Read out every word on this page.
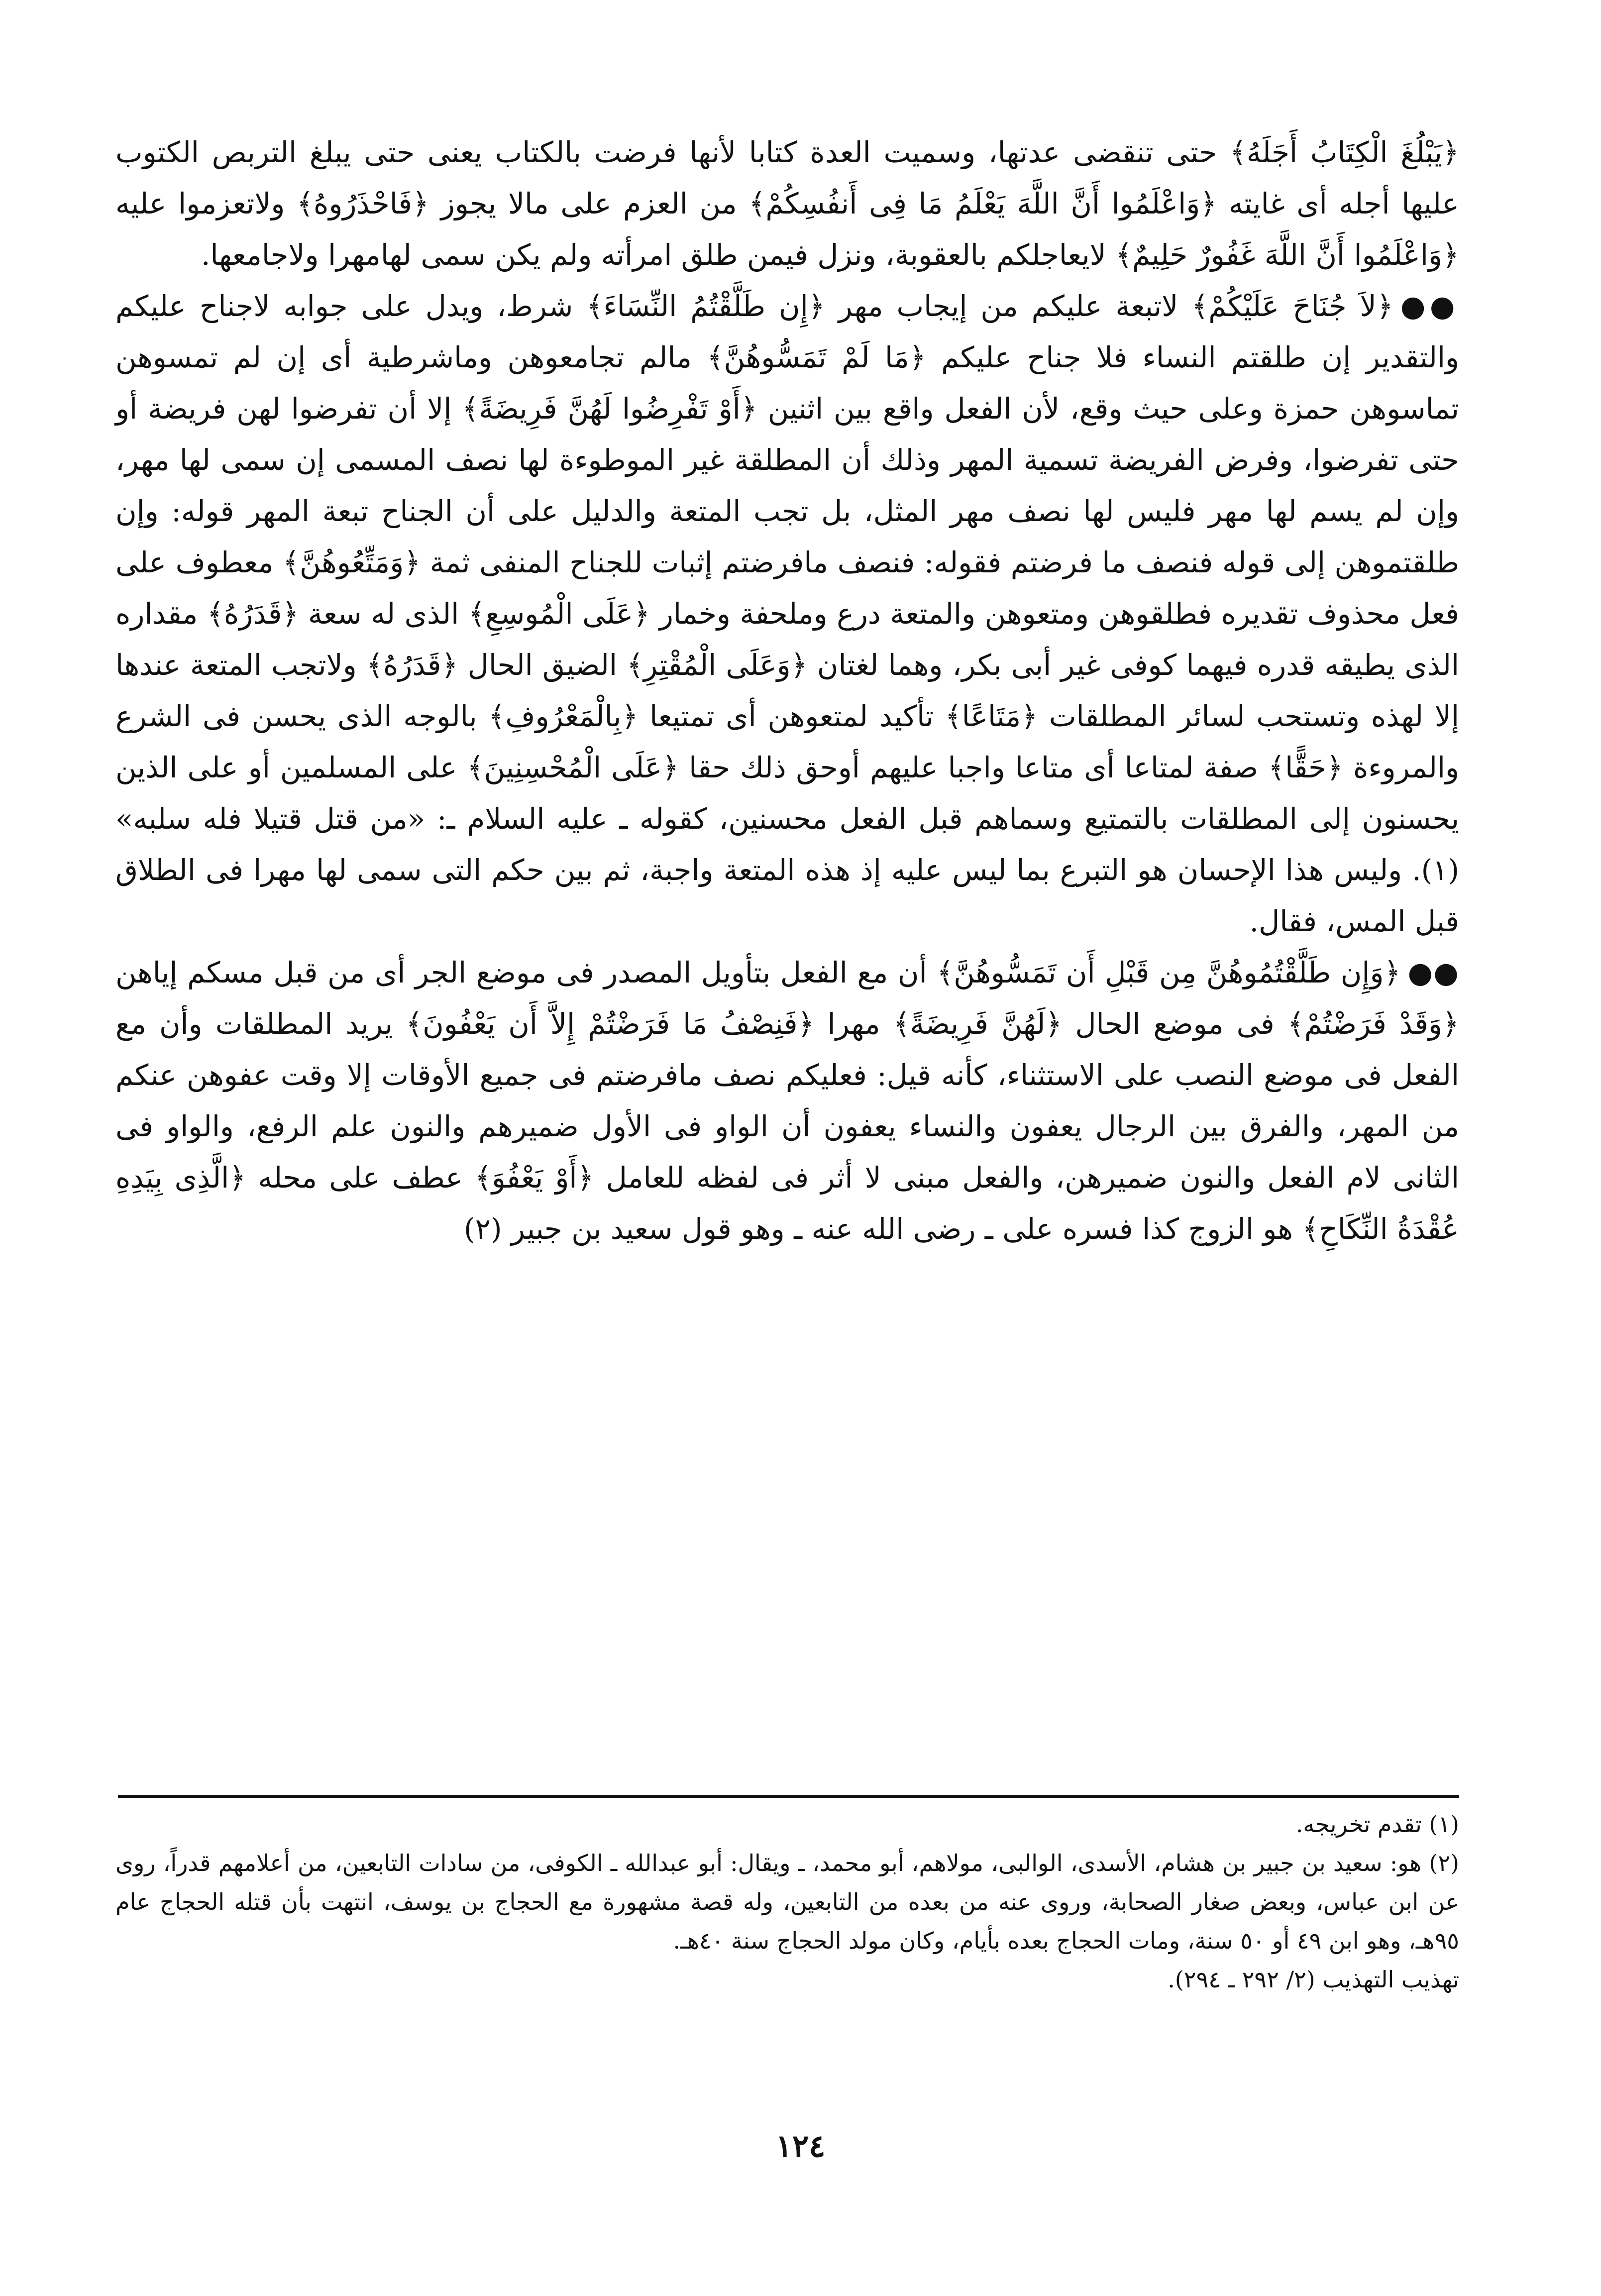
﴿يَبْلُغَ الْكِتَابُ أَجَلَهُ﴾ حتى تنقضى عدتها، وسميت العدة كتابا لأنها فرضت بالكتاب يعنى حتى يبلغ التربص الكتوب عليها أجله أى غايته ﴿وَاعْلَمُوا أَنَّ اللَّهَ يَعْلَمُ مَا فِى أَنفُسِكُمْ﴾ من العزم على مالا يجوز ﴿فَاحْذَرُوهُ﴾ ولاتعزموا عليه ﴿وَاعْلَمُوا أَنَّ اللَّهَ غَفُورٌ حَلِيمٌ﴾ لايعاجلكم بالعقوبة، ونزل فيمن طلق امرأته ولم يكن سمى لهامهرا ولاجامعها.

●●﴿لاَ جُنَاحَ عَلَيْكُمْ﴾ لاتبعة عليكم من إيجاب مهر ﴿إِن طَلَّقْتُمُ النِّسَاءَ﴾ شرط، ويدل على جوابه لاجناح عليكم والتقدير إن طلقتم النساء فلا جناح عليكم ﴿مَا لَمْ تَمَسُّوهُنَّ﴾ مالم تجامعوهن وماشرطية أى إن لم تمسوهن تماسوهن حمزة وعلى حيث وقع، لأن الفعل واقع بين اثنين ﴿أَوْ تَفْرِضُوا لَهُنَّ فَرِيضَةً﴾ إلا أن تفرضوا لهن فريضة أو حتى تفرضوا، وفرض الفريضة تسمية المهر وذلك أن المطلقة غير الموطوءة لها نصف المسمى إن سمى لها مهر، وإن لم يسم لها مهر فليس لها نصف مهر المثل، بل تجب المتعة والدليل على أن الجناح تبعة المهر قوله: وإن طلقتموهن إلى قوله فنصف ما فرضتم فقوله: فنصف مافرضتم إثبات للجناح المنفى ثمة ﴿وَمَتِّعُوهُنَّ﴾ معطوف على فعل محذوف تقديره فطلقوهن ومتعوهن والمتعة درع وملحفة وخمار ﴿عَلَى الْمُوسِعِ﴾ الذى له سعة ﴿قَدَرُهُ﴾ مقداره الذى يطيقه قدره فيهما كوفى غير أبى بكر، وهما لغتان ﴿وَعَلَى الْمُقْتِرِ﴾ الضيق الحال ﴿قَدَرُهُ﴾ ولاتجب المتعة عندها إلا لهذه وتستحب لسائر المطلقات ﴿مَتَاعًا﴾ تأكيد لمتعوهن أى تمتيعا ﴿بِالْمَعْرُوفِ﴾ بالوجه الذى يحسن فى الشرع والمروءة ﴿حَقًّا﴾ صفة لمتاعا أى متاعا واجبا عليهم أوحق ذلك حقا ﴿عَلَى الْمُحْسِنِينَ﴾ على المسلمين أو على الذين يحسنون إلى المطلقات بالتمتيع وسماهم قبل الفعل محسنين، كقوله ـ عليه السلام ـ: «من قتل قتيلا فله سلبه» (١). وليس هذا الإحسان هو التبرع بما ليس عليه إذ هذه المتعة واجبة، ثم بين حكم التى سمى لها مهرا فى الطلاق قبل المس، فقال.

●●﴿وَإِن طَلَّقْتُمُوهُنَّ مِن قَبْلِ أَن تَمَسُّوهُنَّ﴾ أن مع الفعل بتأويل المصدر فى موضع الجر أى من قبل مسكم إياهن ﴿وَقَدْ فَرَضْتُمْ﴾ فى موضع الحال ﴿لَهُنَّ فَرِيضَةً﴾ مهرا ﴿فَنِصْفُ مَا فَرَضْتُمْ إِلاَّ أَن يَعْفُونَ﴾ يريد المطلقات وأن مع الفعل فى موضع النصب على الاستثناء، كأنه قيل: فعليكم نصف مافرضتم فى جميع الأوقات إلا وقت عفوهن عنكم من المهر، والفرق بين الرجال يعفون والنساء يعفون أن الواو فى الأول ضميرهم والنون علم الرفع، والواو فى الثانى لام الفعل والنون ضميرهن، والفعل مبنى لا أثر فى لفظه للعامل ﴿أَوْ يَعْفُوَ﴾ عطف على محله ﴿الَّذِى بِيَدِهِ عُقْدَةُ النِّكَاحِ﴾ هو الزوج كذا فسره على ـ رضى الله عنه ـ وهو قول سعيد بن جبير (٢)

(١) تقدم تخريجه.

(٢) هو: سعيد بن جبير بن هشام، الأسدى، الوالبى، مولاهم، أبو محمد، ـ ويقال: أبو عبدالله ـ الكوفى، من سادات التابعين، من أعلامهم قدراً، روى عن ابن عباس، وبعض صغار الصحابة، وروى عنه من بعده من التابعين، وله قصة مشهورة مع الحجاج بن يوسف، انتهت بأن قتله الحجاج عام ٩٥هـ، وهو ابن ٤٩ أو ٥٠ سنة، ومات الحجاج بعده بأيام، وكان مولد الحجاج سنة ٤٠هـ.

تهذيب التهذيب (٢/ ٢٩٢ ـ ٢٩٤).

١٢٤
